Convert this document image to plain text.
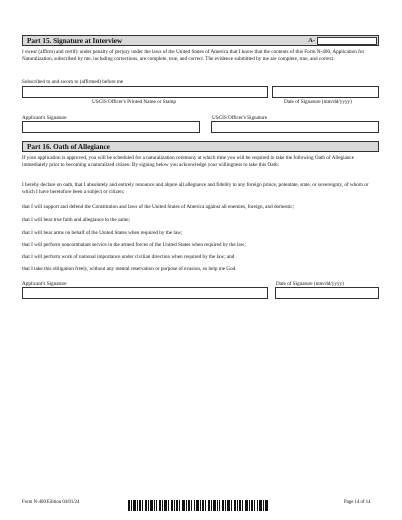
Part 15. Signature at Interview	A-

I swear (affirm) and certify under penalty of perjury under the laws of the United States of America that I know that the contents of this Form N-400, Application for Naturalization, subscribed by me, including corrections, are complete, true, and correct. The evidence submitted by me are complete, true, and correct.

Subscribed to and sworn to (affirmed) before me
USCIS Officer's Printed Name or Stamp	Date of Signature (mm/dd/yyyy)
Applicant's Signature	USCIS Officer's Signature
Part 16. Oath of Allegiance

If your application is approved, you will be scheduled for a naturalization ceremony at which time you will be required to take the following Oath of Allegiance immediately prior to becoming a naturalized citizen. By signing below you acknowledge your willingness to take this Oath:

I hereby declare on oath, that I absolutely and entirely renounce and abjure all allegiance and fidelity to any foreign prince, potentate, state, or sovereignty, of whom or which I have heretofore been a subject or citizen;

that I will support and defend the Constitution and laws of the United States of America against all enemies, foreign, and domestic;

that I will bear true faith and allegiance to the same;

that I will bear arms on behalf of the United States when required by the law;

that I will perform noncombatant service in the armed forces of the United States when required by the law;

that I will perform work of national importance under civilian direction when required by the law; and

that I take this obligation freely, without any mental reservation or purpose of evasion, so help me God.

Applicant's Signature	Date of Signature (mm/dd/yyyy)
Form N-400 Edition 04/01/24	Page 14 of 14
